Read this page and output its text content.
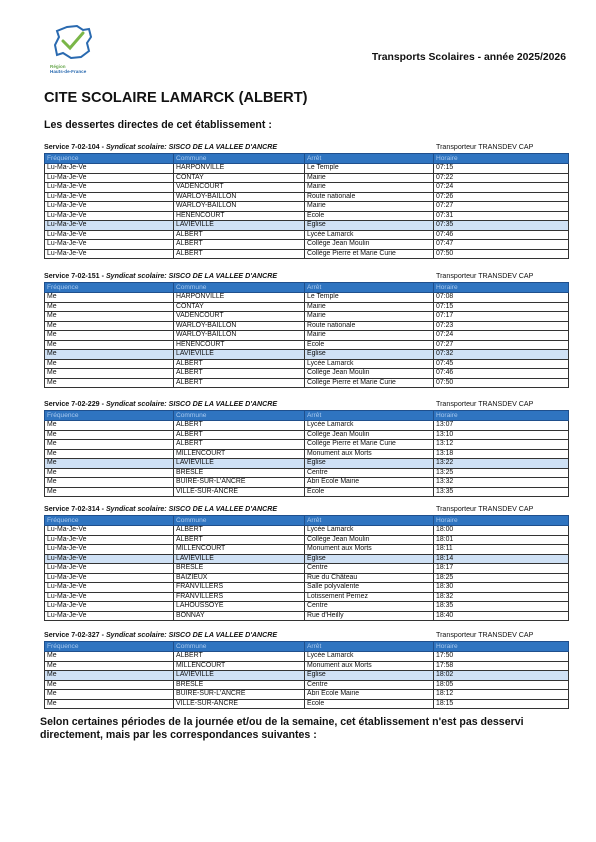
Région
Hauts-de-France
Transports Scolaires - année 2025/2026
CITE SCOLAIRE LAMARCK (ALBERT)
Les dessertes directes de cet établissement :
Service 7-02-104 - Syndicat scolaire: SISCO DE LA VALLEE D'ANCRE	Transporteur TRANSDEV CAP
Fréquence	Commune	Arrêt	Horaire
Lu-Ma-Je-Ve	HARPONVILLE	Le Temple	07:15
Lu-Ma-Je-Ve	CONTAY	Mairie	07:22
Lu-Ma-Je-Ve	VADENCOURT	Mairie	07:24
Lu-Ma-Je-Ve	WARLOY-BAILLON	Route nationale	07:26
Lu-Ma-Je-Ve	WARLOY-BAILLON	Mairie	07:27
Lu-Ma-Je-Ve	HENENCOURT	Ecole	07:31
Lu-Ma-Je-Ve	LAVIEVILLE	Eglise	07:35
Lu-Ma-Je-Ve	ALBERT	Lycée Lamarck	07:46
Lu-Ma-Je-Ve	ALBERT	Collège Jean Moulin	07:47
Lu-Ma-Je-Ve	ALBERT	Collège Pierre et Marie Curie	07:50
Service 7-02-151 - Syndicat scolaire: SISCO DE LA VALLEE D'ANCRE	Transporteur TRANSDEV CAP
Fréquence	Commune	Arrêt	Horaire
Me	HARPONVILLE	Le Temple	07:08
Me	CONTAY	Mairie	07:15
Me	VADENCOURT	Mairie	07:17
Me	WARLOY-BAILLON	Route nationale	07:23
Me	WARLOY-BAILLON	Mairie	07:24
Me	HENENCOURT	Ecole	07:27
Me	LAVIEVILLE	Eglise	07:32
Me	ALBERT	Lycée Lamarck	07:45
Me	ALBERT	Collège Jean Moulin	07:46
Me	ALBERT	Collège Pierre et Marie Curie	07:50
Service 7-02-229 - Syndicat scolaire: SISCO DE LA VALLEE D'ANCRE	Transporteur TRANSDEV CAP
Fréquence	Commune	Arrêt	Horaire
Me	ALBERT	Lycée Lamarck	13:07
Me	ALBERT	Collège Jean Moulin	13:10
Me	ALBERT	Collège Pierre et Marie Curie	13:12
Me	MILLENCOURT	Monument aux Morts	13:18
Me	LAVIEVILLE	Eglise	13:22
Me	BRESLE	Centre	13:25
Me	BUIRE-SUR-L'ANCRE	Abri Ecole Mairie	13:32
Me	VILLE-SUR-ANCRE	Ecole	13:35
Service 7-02-314 - Syndicat scolaire: SISCO DE LA VALLEE D'ANCRE	Transporteur TRANSDEV CAP
Fréquence	Commune	Arrêt	Horaire
Lu-Ma-Je-Ve	ALBERT	Lycée Lamarck	18:00
Lu-Ma-Je-Ve	ALBERT	Collège Jean Moulin	18:01
Lu-Ma-Je-Ve	MILLENCOURT	Monument aux Morts	18:11
Lu-Ma-Je-Ve	LAVIEVILLE	Eglise	18:14
Lu-Ma-Je-Ve	BRESLE	Centre	18:17
Lu-Ma-Je-Ve	BAIZIEUX	Rue du Château	18:25
Lu-Ma-Je-Ve	FRANVILLERS	Salle polyvalente	18:30
Lu-Ma-Je-Ve	FRANVILLERS	Lotissement Pernez	18:32
Lu-Ma-Je-Ve	LAHOUSSOYE	Centre	18:35
Lu-Ma-Je-Ve	BONNAY	Rue d'Heilly	18:40
Service 7-02-327 - Syndicat scolaire: SISCO DE LA VALLEE D'ANCRE	Transporteur TRANSDEV CAP
Fréquence	Commune	Arrêt	Horaire
Me	ALBERT	Lycée Lamarck	17:50
Me	MILLENCOURT	Monument aux Morts	17:58
Me	LAVIEVILLE	Eglise	18:02
Me	BRESLE	Centre	18:05
Me	BUIRE-SUR-L'ANCRE	Abri Ecole Mairie	18:12
Me	VILLE-SUR-ANCRE	Ecole	18:15
Selon certaines périodes de la journée et/ou de la semaine, cet établissement n'est pas desservi directement, mais par les correspondances suivantes :
